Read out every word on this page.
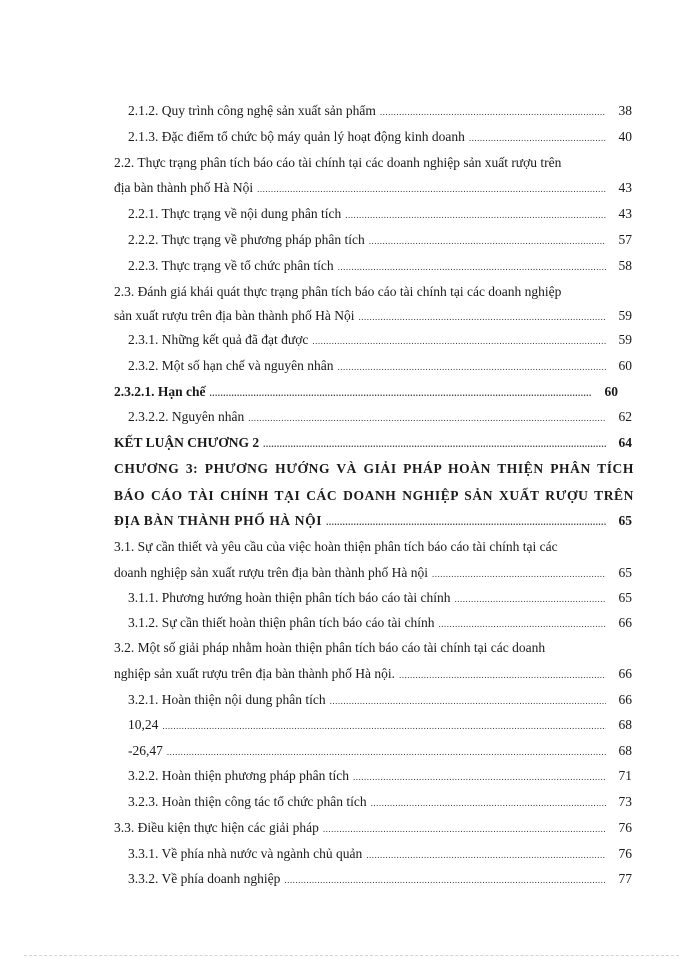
2.1.2. Quy trình công nghệ sản xuất sản phẩm .....	38
2.1.3. Đặc điểm tổ chức bộ máy quản lý hoạt động kinh doanh .....	40
2.2. Thực trạng phân tích báo cáo tài chính tại các doanh nghiệp sản xuất rượu trên
địa bàn thành phố Hà Nội .....	43
2.2.1. Thực trạng về nội dung phân tích .....	43
2.2.2. Thực trạng về phương pháp phân tích .....	57
2.2.3. Thực trạng về tổ chức phân tích .....	58
2.3. Đánh giá khái quát thực trạng phân tích báo cáo tài chính tại các doanh nghiệp
sản xuất rượu trên địa bàn thành phố Hà Nội .....	59
2.3.1. Những kết quả đã đạt được .....	59
2.3.2. Một số hạn chế và nguyên nhân .....	60
2.3.2.1. Hạn chế .....	60
2.3.2.2. Nguyên nhân .....	62
KẾT LUẬN CHƯƠNG 2 .....	64
CHƯƠNG 3: PHƯƠNG HƯỚNG VÀ GIẢI PHÁP HOÀN THIỆN PHÂN TÍCH
BÁO CÁO TÀI CHÍNH TẠI CÁC DOANH NGHIỆP SẢN XUẤT RƯỢU TRÊN
ĐỊA BÀN THÀNH PHỐ HÀ NỘI .....	65
3.1. Sự cần thiết và yêu cầu của việc hoàn thiện phân tích báo cáo tài chính tại các
doanh nghiệp sản xuất rượu trên địa bàn thành phố Hà nội .....	65
3.1.1. Phương hướng hoàn thiện phân tích báo cáo tài chính .....	65
3.1.2. Sự cần thiết hoàn thiện phân tích báo cáo tài chính .....	66
3.2. Một số giải pháp nhằm hoàn thiện phân tích báo cáo tài chính tại các doanh
nghiệp sản xuất rượu trên địa bàn thành phố Hà nội. .....	66
3.2.1. Hoàn thiện nội dung phân tích .....	66
10,24 .....	68
-26,47 .....	68
3.2.2. Hoàn thiện phương pháp phân tích .....	71
3.2.3. Hoàn thiện công tác tổ chức phân tích .....	73
3.3. Điều kiện thực hiện các giải pháp .....	76
3.3.1. Về phía nhà nước và ngành chủ quản .....	76
3.3.2. Về phía doanh nghiệp .....	77
